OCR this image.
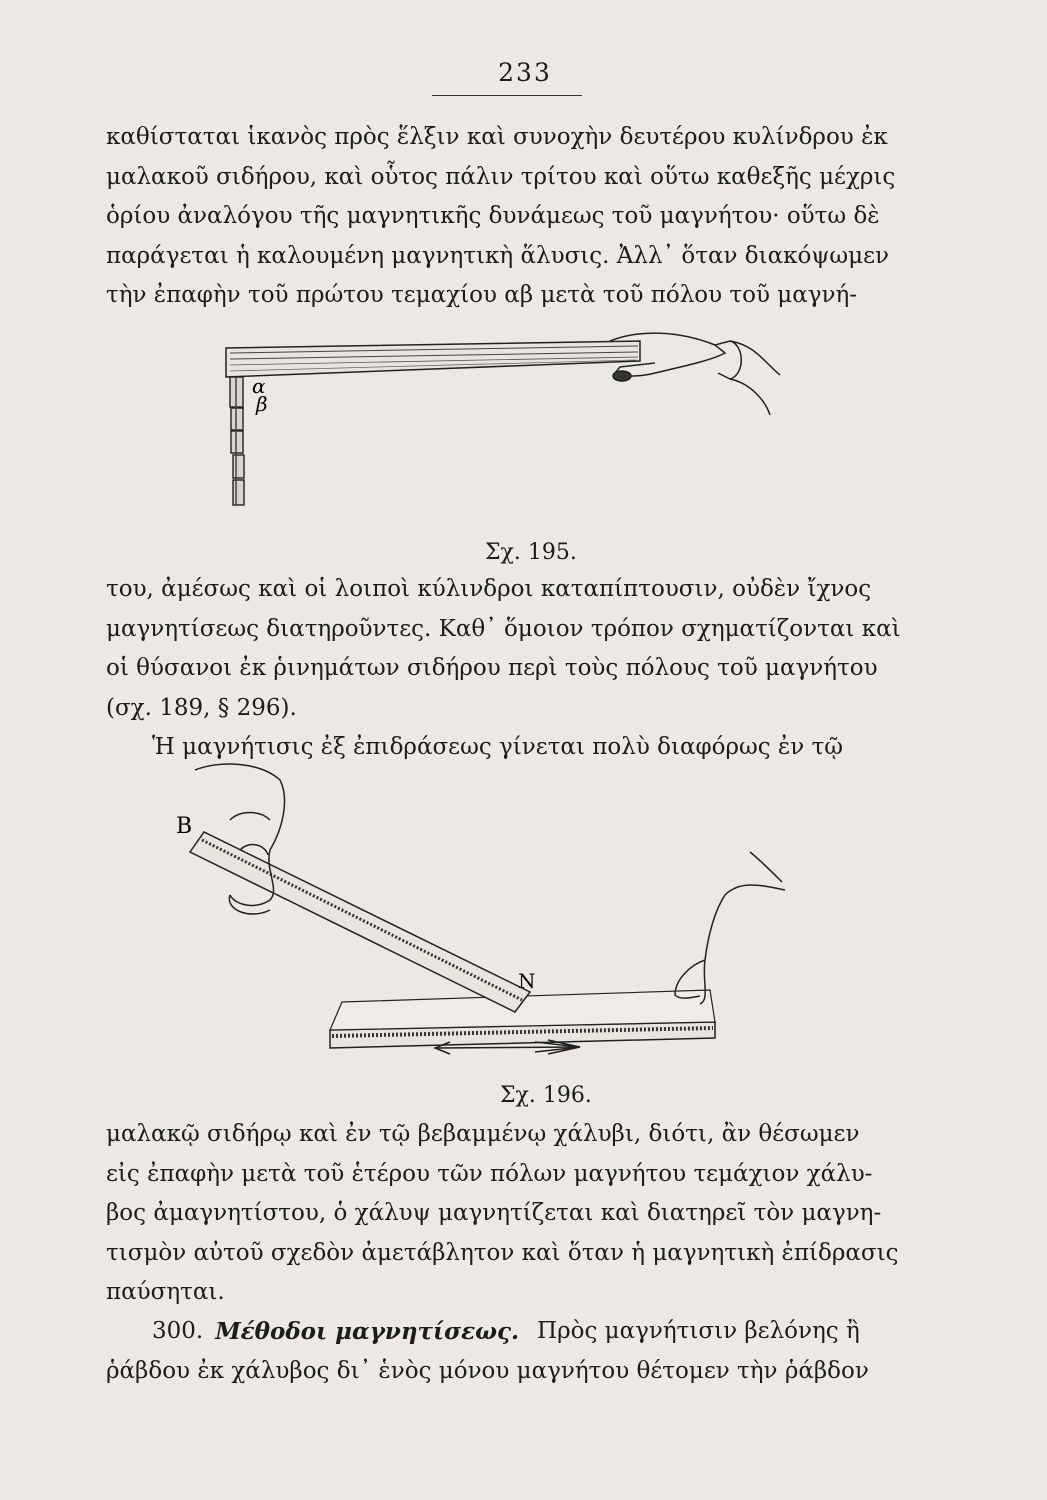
233
καθίσταται ἱκανὸς πρὸς ἕλξιν καὶ συνοχὴν δευτέρου κυλίνδρου ἐκ
μαλακοῦ σιδήρου, καὶ οὗτος πάλιν τρίτου καὶ οὕτω καθεξῆς μέχρις
ὁρίου ἀναλόγου τῆς μαγνητικῆς δυνάμεως τοῦ μαγνήτου· οὕτω δὲ
παράγεται ἡ καλουμένη μαγνητικὴ ἅλυσις. Ἀλλ᾽ ὅταν διακόψωμεν
τὴν ἐπαφὴν τοῦ πρώτου τεμαχίου αβ μετὰ τοῦ πόλου τοῦ μαγνή-
α
β
Σχ. 195.
του, ἀμέσως καὶ οἱ λοιποὶ κύλινδροι καταπίπτουσιν, οὐδὲν ἴχνος
μαγνητίσεως διατηροῦντες. Καθ᾽ ὅμοιον τρόπον σχηματίζονται καὶ
οἱ θύσανοι ἐκ ῥινημάτων σιδήρου περὶ τοὺς πόλους τοῦ μαγνήτου
(σχ. 189, § 296).
Ἡ μαγνήτισις ἐξ ἐπιδράσεως γίνεται πολὺ διαφόρως ἐν τῷ
B
N
Σχ. 196.
μαλακῷ σιδήρῳ καὶ ἐν τῷ βεβαμμένῳ χάλυβι, διότι, ἂν θέσωμεν
εἰς ἐπαφὴν μετὰ τοῦ ἑτέρου τῶν πόλων μαγνήτου τεμάχιον χάλυ-
βος ἀμαγνητίστου, ὁ χάλυψ μαγνητίζεται καὶ διατηρεῖ τὸν μαγνη-
τισμὸν αὐτοῦ σχεδὸν ἀμετάβλητον καὶ ὅταν ἡ μαγνητικὴ ἐπίδρασις
παύσηται.
300. Μέθοδοι μαγνητίσεως. Πρὸς μαγνήτισιν βελόνης ἢ
ῥάβδου ἐκ χάλυβος δι᾽ ἑνὸς μόνου μαγνήτου θέτομεν τὴν ῥάβδον
